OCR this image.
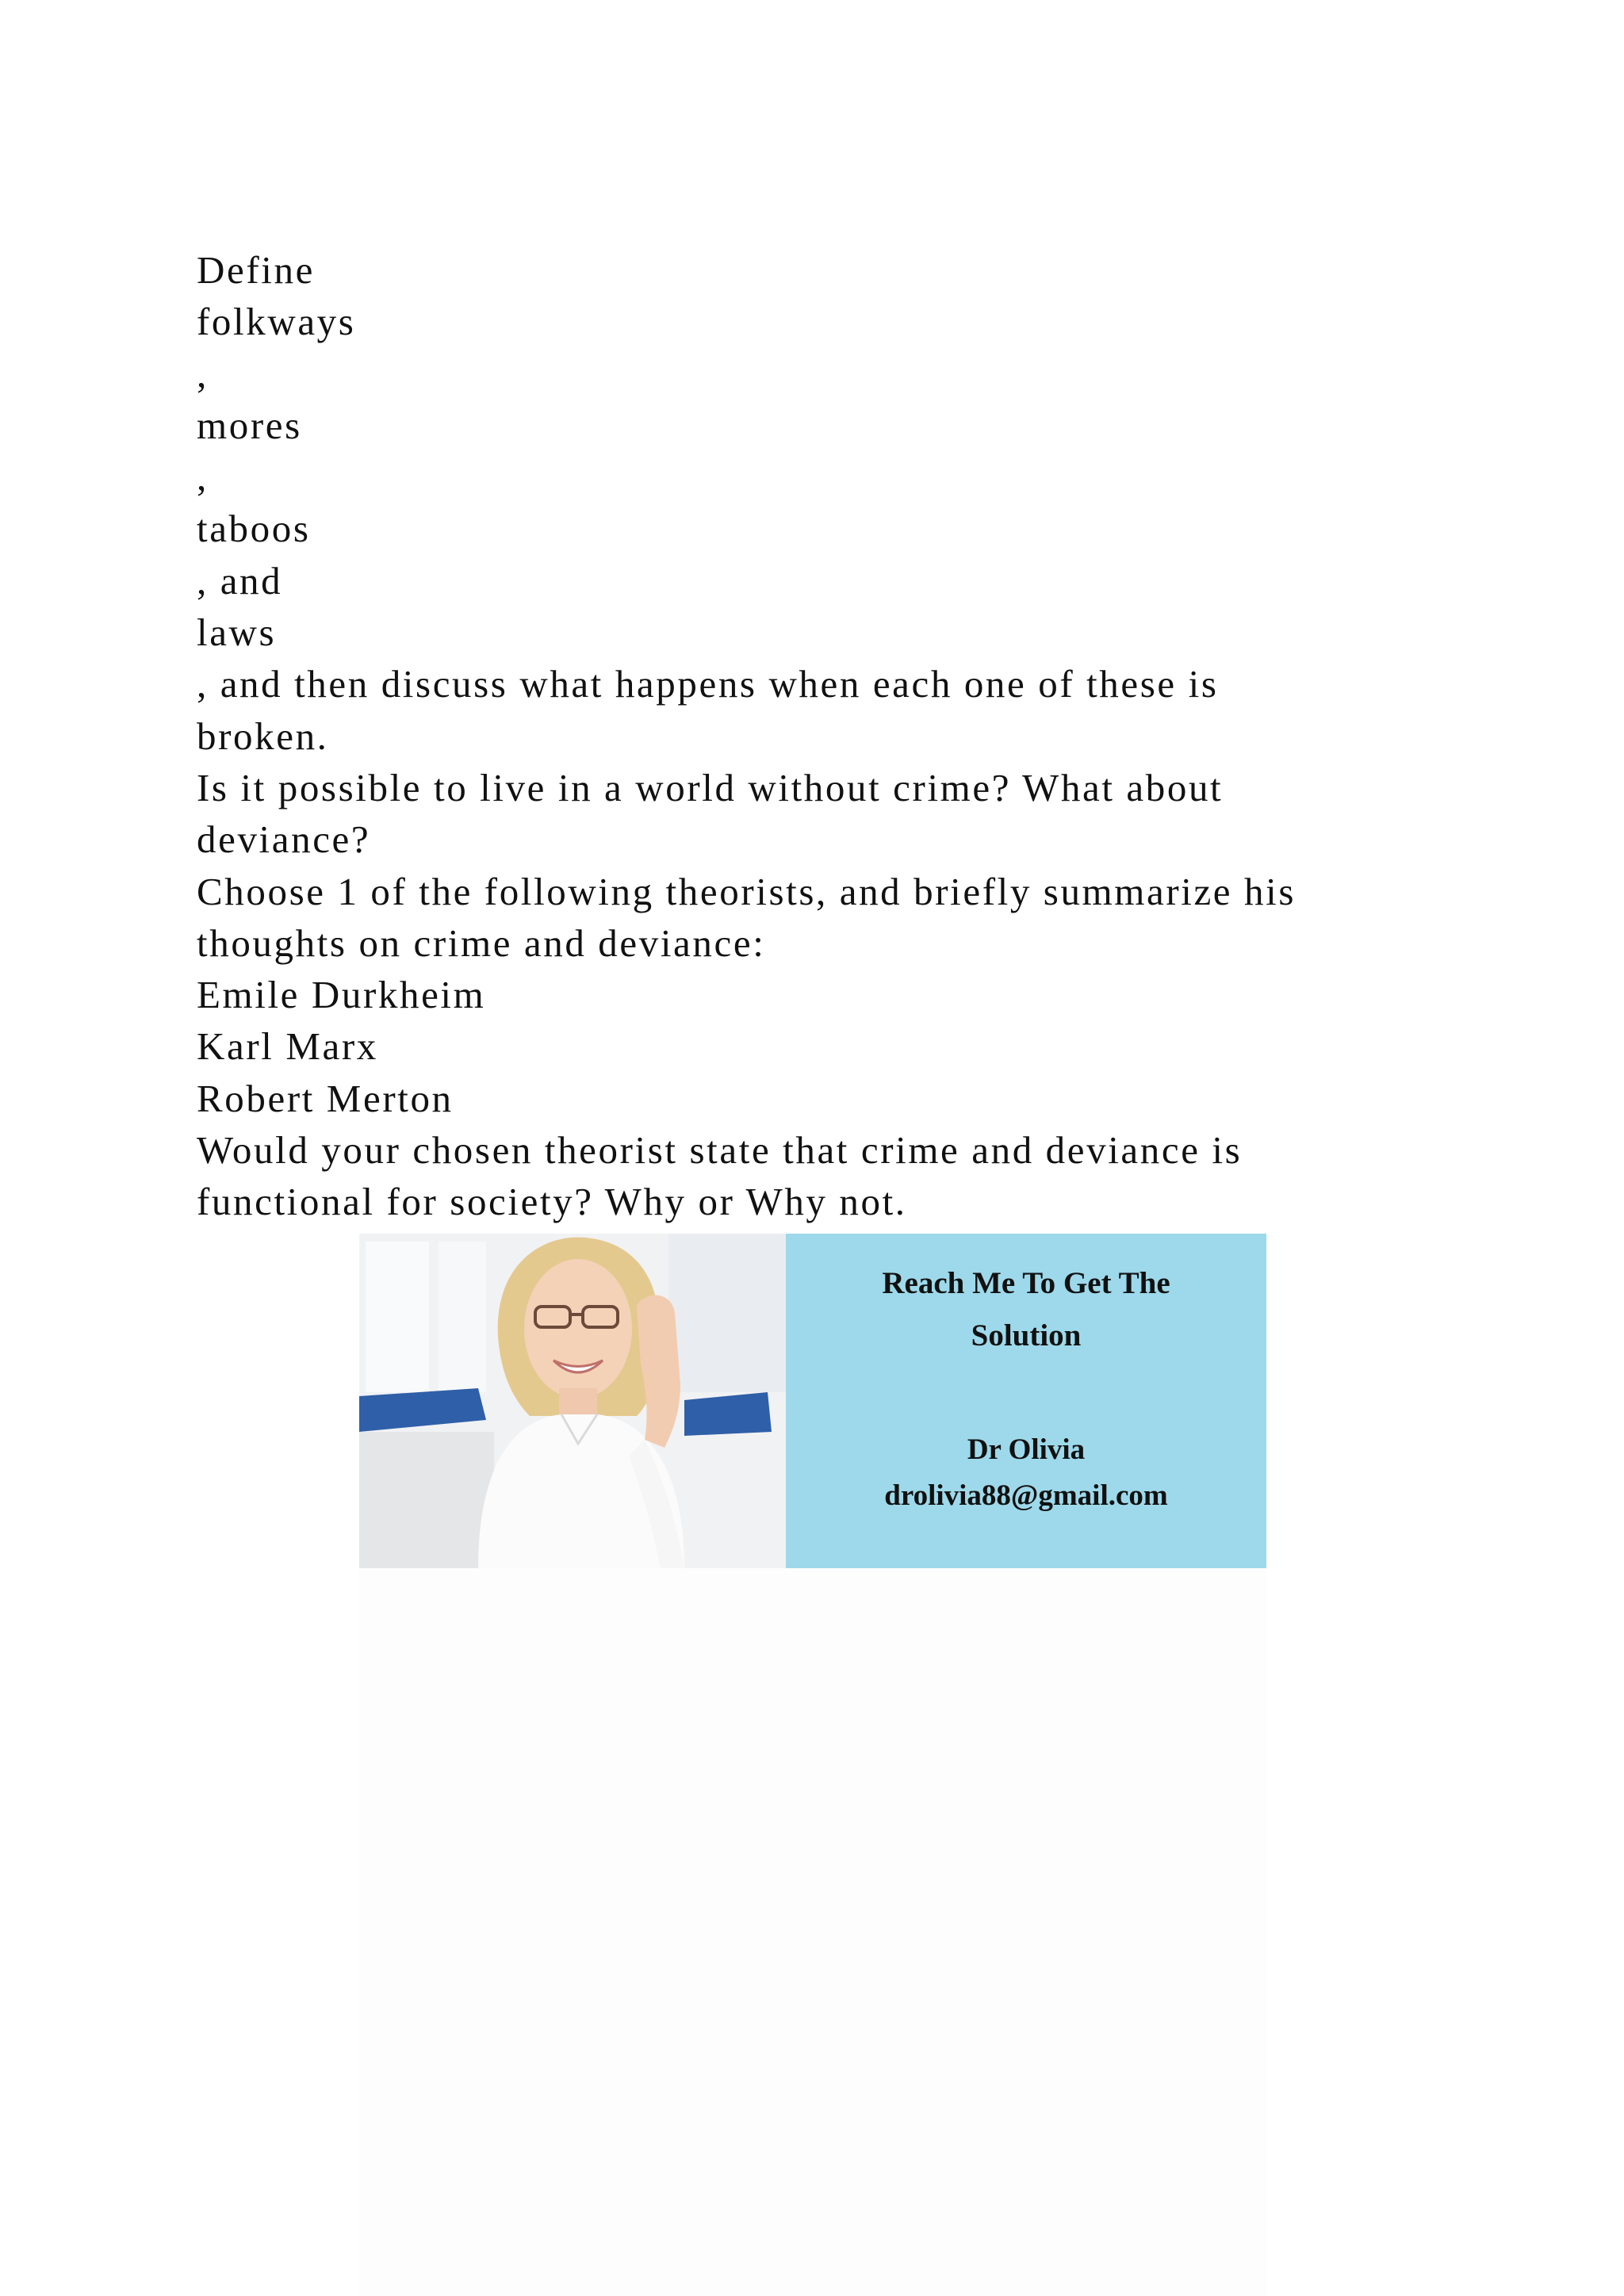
Define
folkways
,
mores
,
taboos
, and
laws
, and then discuss what happens when each one of these is
broken.
Is it possible to live in a world without crime? What about
deviance?
Choose 1 of the following theorists, and briefly summarize his
thoughts on crime and deviance:
Emile Durkheim
Karl Marx
Robert Merton
Would your chosen theorist state that crime and deviance is
functional for society? Why or Why not.
Reach Me To Get The
Solution
Dr Olivia
drolivia88@gmail.com
